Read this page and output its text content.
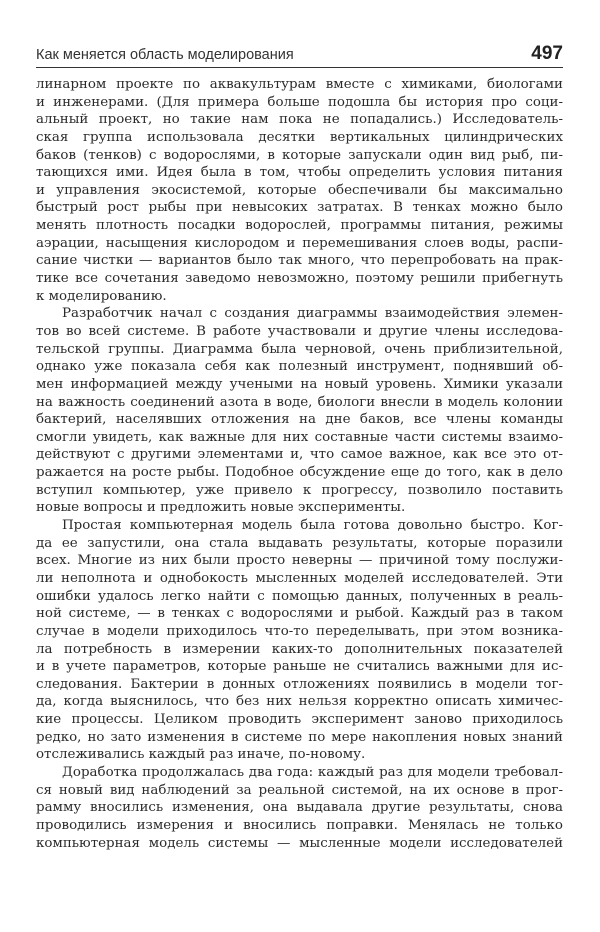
Как меняется область моделирования	497
линарном проекте по аквакультурам вместе с химиками, биологами
и инженерами. (Для примера больше подошла бы история про соци-
альный проект, но такие нам пока не попадались.) Исследователь-
ская группа использовала десятки вертикальных цилиндрических
баков (тенков) с водорослями, в которые запускали один вид рыб, пи-
тающихся ими. Идея была в том, чтобы определить условия питания
и управления экосистемой, которые обеспечивали бы максимально
быстрый рост рыбы при невысоких затратах. В тенках можно было
менять плотность посадки водорослей, программы питания, режимы
аэрации, насыщения кислородом и перемешивания слоев воды, распи-
сание чистки — вариантов было так много, что перепробовать на прак-
тике все сочетания заведомо невозможно, поэтому решили прибегнуть
к моделированию.
Разработчик начал с создания диаграммы взаимодействия элемен-
тов во всей системе. В работе участвовали и другие члены исследова-
тельской группы. Диаграмма была черновой, очень приблизительной,
однако уже показала себя как полезный инструмент, поднявший об-
мен информацией между учеными на новый уровень. Химики указали
на важность соединений азота в воде, биологи внесли в модель колонии
бактерий, населявших отложения на дне баков, все члены команды
смогли увидеть, как важные для них составные части системы взаимо-
действуют с другими элементами и, что самое важное, как все это от-
ражается на росте рыбы. Подобное обсуждение еще до того, как в дело
вступил компьютер, уже привело к прогрессу, позволило поставить
новые вопросы и предложить новые эксперименты.
Простая компьютерная модель была готова довольно быстро. Ког-
да ее запустили, она стала выдавать результаты, которые поразили
всех. Многие из них были просто неверны — причиной тому послужи-
ли неполнота и однобокость мысленных моделей исследователей. Эти
ошибки удалось легко найти с помощью данных, полученных в реаль-
ной системе, — в тенках с водорослями и рыбой. Каждый раз в таком
случае в модели приходилось что-то переделывать, при этом возника-
ла потребность в измерении каких-то дополнительных показателей
и в учете параметров, которые раньше не считались важными для ис-
следования. Бактерии в донных отложениях появились в модели тог-
да, когда выяснилось, что без них нельзя корректно описать химичес-
кие процессы. Целиком проводить эксперимент заново приходилось
редко, но зато изменения в системе по мере накопления новых знаний
отслеживались каждый раз иначе, по-новому.
Доработка продолжалась два года: каждый раз для модели требовал-
ся новый вид наблюдений за реальной системой, на их основе в прог-
рамму вносились изменения, она выдавала другие результаты, снова
проводились измерения и вносились поправки. Менялась не только
компьютерная модель системы — мысленные модели исследователей
